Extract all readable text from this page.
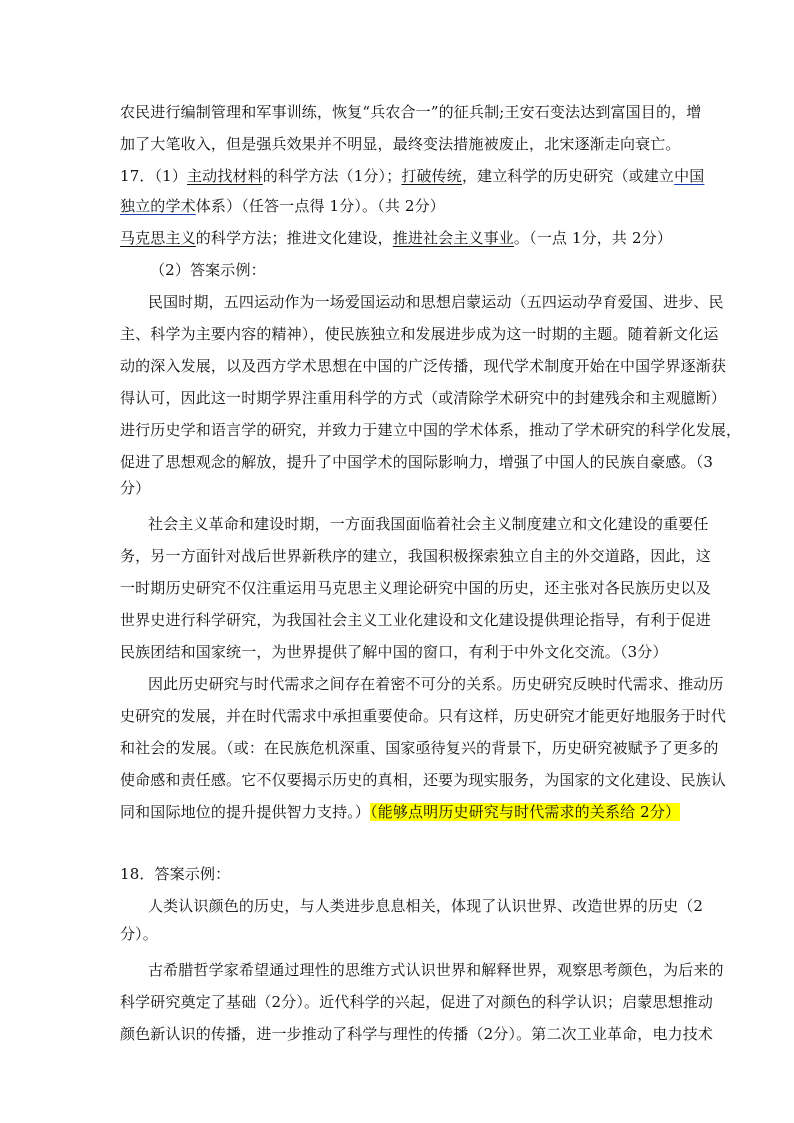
农民进行编制管理和军事训练，恢复“兵农合一”的征兵制;王安石变法达到富国目的，增
加了大笔收入，但是强兵效果并不明显，最终变法措施被废止，北宋逐渐走向衰亡。
17．（1）主动找材料的科学方法（1分）；打破传统，建立科学的历史研究（或建立中国
独立的学术体系）（任答一点得 1分）。（共 2分）
马克思主义的科学方法；推进文化建设，推进社会主义事业。（一点 1分，共 2分）
（2）答案示例：
民国时期，五四运动作为一场爱国运动和思想启蒙运动（五四运动孕育爱国、进步、民
主、科学为主要内容的精神），使民族独立和发展进步成为这一时期的主题。随着新文化运
动的深入发展，以及西方学术思想在中国的广泛传播，现代学术制度开始在中国学界逐渐获
得认可，因此这一时期学界注重用科学的方式（或清除学术研究中的封建残余和主观臆断）
进行历史学和语言学的研究，并致力于建立中国的学术体系，推动了学术研究的科学化发展，
促进了思想观念的解放，提升了中国学术的国际影响力，增强了中国人的民族自豪感。（3
分）
社会主义革命和建设时期，一方面我国面临着社会主义制度建立和文化建设的重要任
务，另一方面针对战后世界新秩序的建立，我国积极探索独立自主的外交道路，因此，这
一时期历史研究不仅注重运用马克思主义理论研究中国的历史，还主张对各民族历史以及
世界史进行科学研究，为我国社会主义工业化建设和文化建设提供理论指导，有利于促进
民族团结和国家统一，为世界提供了解中国的窗口，有利于中外文化交流。（3分）
因此历史研究与时代需求之间存在着密不可分的关系。历史研究反映时代需求、推动历
史研究的发展，并在时代需求中承担重要使命。只有这样，历史研究才能更好地服务于时代
和社会的发展。（或：在民族危机深重、国家亟待复兴的背景下，历史研究被赋予了更多的
使命感和责任感。它不仅要揭示历史的真相，还要为现实服务，为国家的文化建设、民族认
同和国际地位的提升提供智力支持。）（能够点明历史研究与时代需求的关系给 2分）
18．答案示例：
人类认识颜色的历史，与人类进步息息相关，体现了认识世界、改造世界的历史（2
分）。
古希腊哲学家希望通过理性的思维方式认识世界和解释世界，观察思考颜色，为后来的
科学研究奠定了基础（2分）。近代科学的兴起，促进了对颜色的科学认识；启蒙思想推动
颜色新认识的传播，进一步推动了科学与理性的传播（2分）。第二次工业革命，电力技术
